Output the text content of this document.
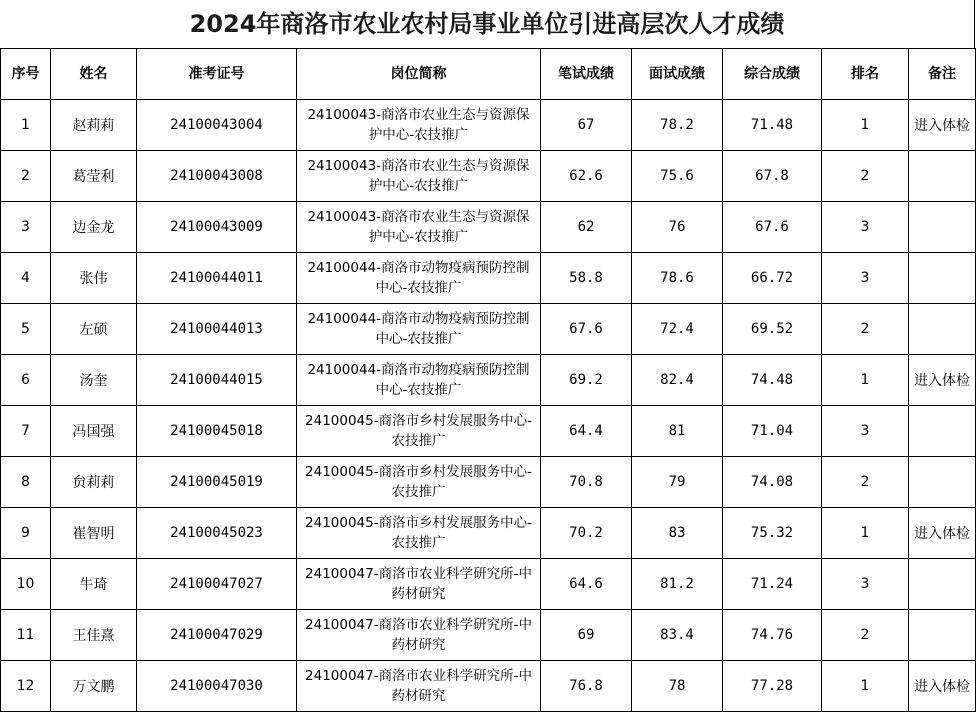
2024年商洛市农业农村局事业单位引进高层次人才成绩
序号	姓名	准考证号	岗位简称	笔试成绩	面试成绩	综合成绩	排名	备注
1	赵莉莉	24100043004	24100043-商洛市农业生态与资源保护中心-农技推广	67	78.2	71.48	1	进入体检
2	葛莹利	24100043008	24100043-商洛市农业生态与资源保护中心-农技推广	62.6	75.6	67.8	2	
3	边金龙	24100043009	24100043-商洛市农业生态与资源保护中心-农技推广	62	76	67.6	3	
4	张伟	24100044011	24100044-商洛市动物疫病预防控制中心-农技推广	58.8	78.6	66.72	3	
5	左硕	24100044013	24100044-商洛市动物疫病预防控制中心-农技推广	67.6	72.4	69.52	2	
6	汤奎	24100044015	24100044-商洛市动物疫病预防控制中心-农技推广	69.2	82.4	74.48	1	进入体检
7	冯国强	24100045018	24100045-商洛市乡村发展服务中心-农技推广	64.4	81	71.04	3	
8	贠莉莉	24100045019	24100045-商洛市乡村发展服务中心-农技推广	70.8	79	74.08	2	
9	崔智明	24100045023	24100045-商洛市乡村发展服务中心-农技推广	70.2	83	75.32	1	进入体检
10	牛琦	24100047027	24100047-商洛市农业科学研究所-中药材研究	64.6	81.2	71.24	3	
11	王佳熹	24100047029	24100047-商洛市农业科学研究所-中药材研究	69	83.4	74.76	2	
12	万文鹏	24100047030	24100047-商洛市农业科学研究所-中药材研究	76.8	78	77.28	1	进入体检
